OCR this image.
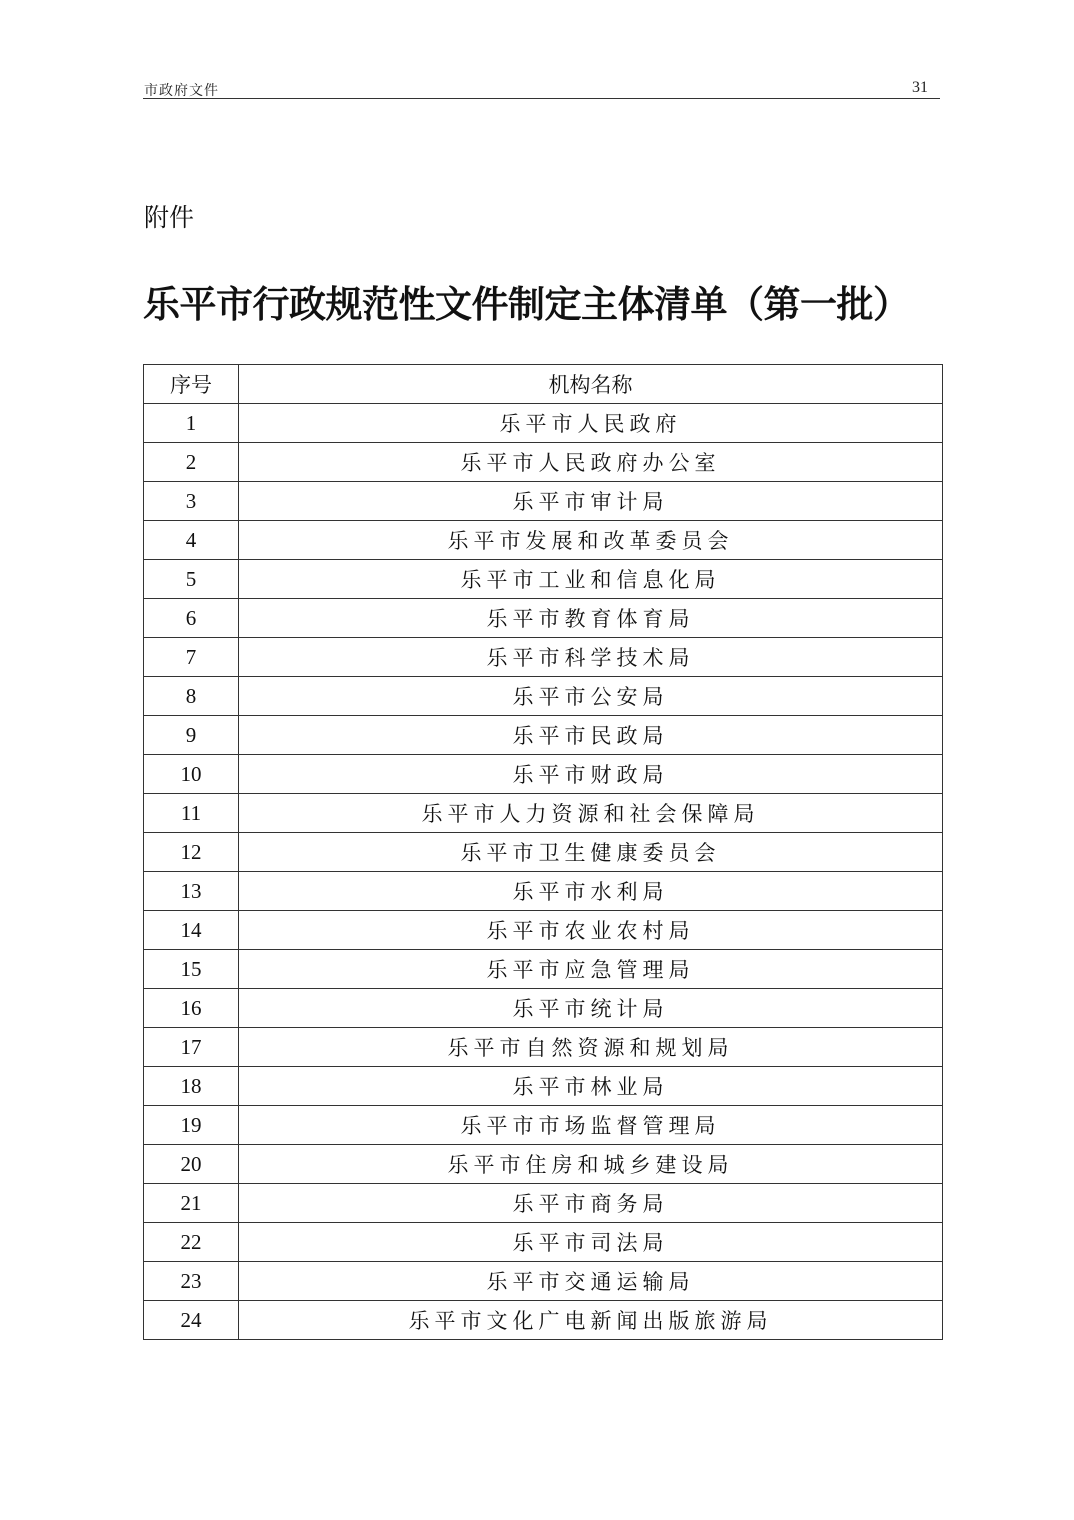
市政府文件	31
附件
乐平市行政规范性文件制定主体清单（第一批）
序号	机构名称
1	乐平市人民政府
2	乐平市人民政府办公室
3	乐平市审计局
4	乐平市发展和改革委员会
5	乐平市工业和信息化局
6	乐平市教育体育局
7	乐平市科学技术局
8	乐平市公安局
9	乐平市民政局
10	乐平市财政局
11	乐平市人力资源和社会保障局
12	乐平市卫生健康委员会
13	乐平市水利局
14	乐平市农业农村局
15	乐平市应急管理局
16	乐平市统计局
17	乐平市自然资源和规划局
18	乐平市林业局
19	乐平市市场监督管理局
20	乐平市住房和城乡建设局
21	乐平市商务局
22	乐平市司法局
23	乐平市交通运输局
24	乐平市文化广电新闻出版旅游局
